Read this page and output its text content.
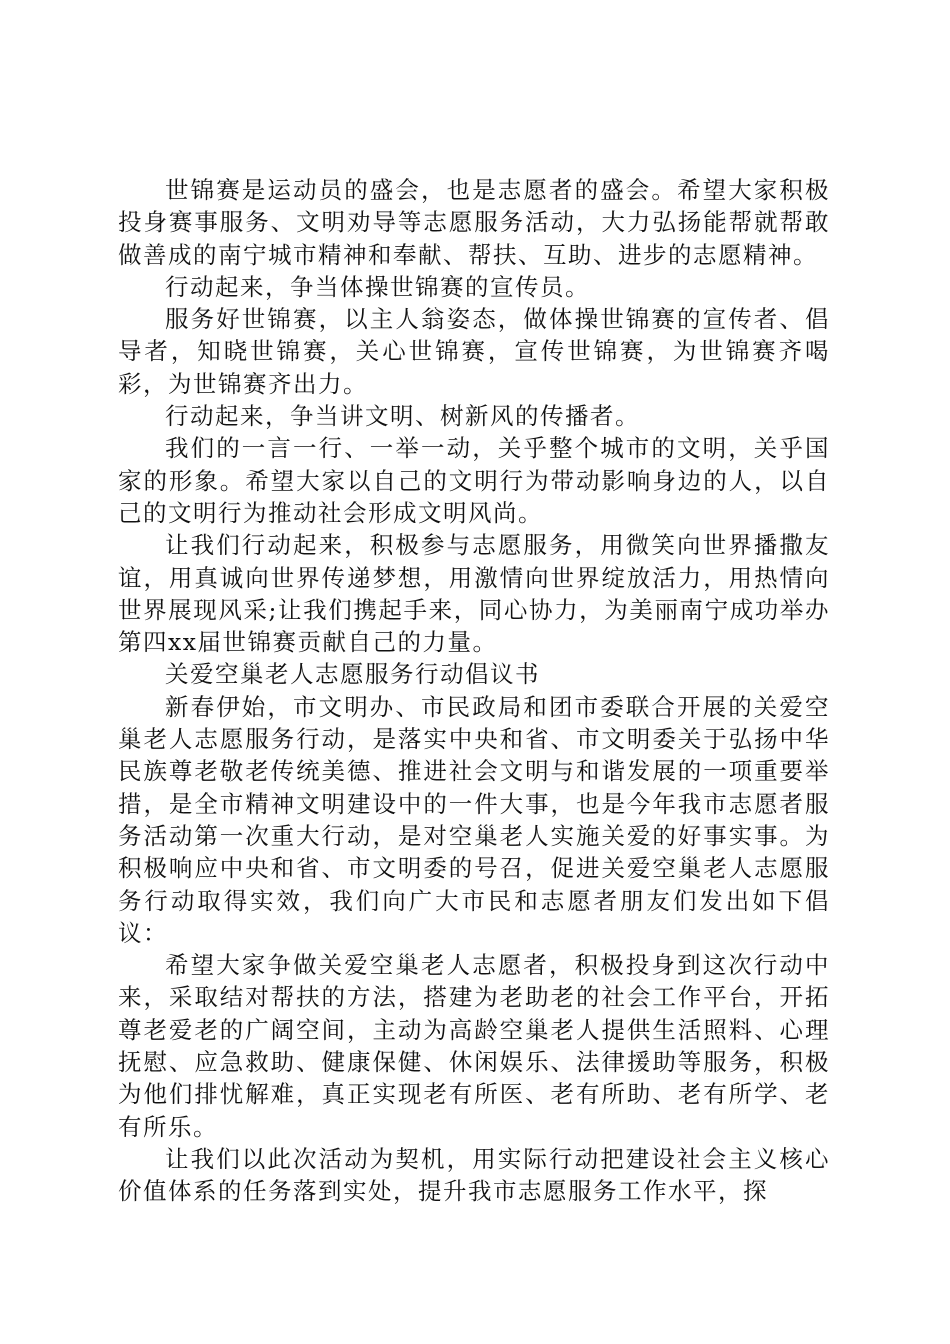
世锦赛是运动员的盛会，也是志愿者的盛会。希望大家积极投身赛事服务、文明劝导等志愿服务活动，大力弘扬能帮就帮敢做善成的南宁城市精神和奉献、帮扶、互助、进步的志愿精神。

行动起来，争当体操世锦赛的宣传员。

服务好世锦赛，以主人翁姿态，做体操世锦赛的宣传者、倡导者，知晓世锦赛，关心世锦赛，宣传世锦赛，为世锦赛齐喝彩，为世锦赛齐出力。

行动起来，争当讲文明、树新风的传播者。

我们的一言一行、一举一动，关乎整个城市的文明，关乎国家的形象。希望大家以自己的文明行为带动影响身边的人，以自己的文明行为推动社会形成文明风尚。

让我们行动起来，积极参与志愿服务，用微笑向世界播撒友谊，用真诚向世界传递梦想，用激情向世界绽放活力，用热情向世界展现风采;让我们携起手来，同心协力，为美丽南宁成功举办第四xx届世锦赛贡献自己的力量。

关爱空巢老人志愿服务行动倡议书

新春伊始，市文明办、市民政局和团市委联合开展的关爱空巢老人志愿服务行动，是落实中央和省、市文明委关于弘扬中华民族尊老敬老传统美德、推进社会文明与和谐发展的一项重要举措，是全市精神文明建设中的一件大事，也是今年我市志愿者服务活动第一次重大行动，是对空巢老人实施关爱的好事实事。为积极响应中央和省、市文明委的号召，促进关爱空巢老人志愿服务行动取得实效，我们向广大市民和志愿者朋友们发出如下倡议：

希望大家争做关爱空巢老人志愿者，积极投身到这次行动中来，采取结对帮扶的方法，搭建为老助老的社会工作平台，开拓尊老爱老的广阔空间，主动为高龄空巢老人提供生活照料、心理抚慰、应急救助、健康保健、休闲娱乐、法律援助等服务，积极为他们排忧解难，真正实现老有所医、老有所助、老有所学、老有所乐。

让我们以此次活动为契机，用实际行动把建设社会主义核心价值体系的任务落到实处，提升我市志愿服务工作水平，探
